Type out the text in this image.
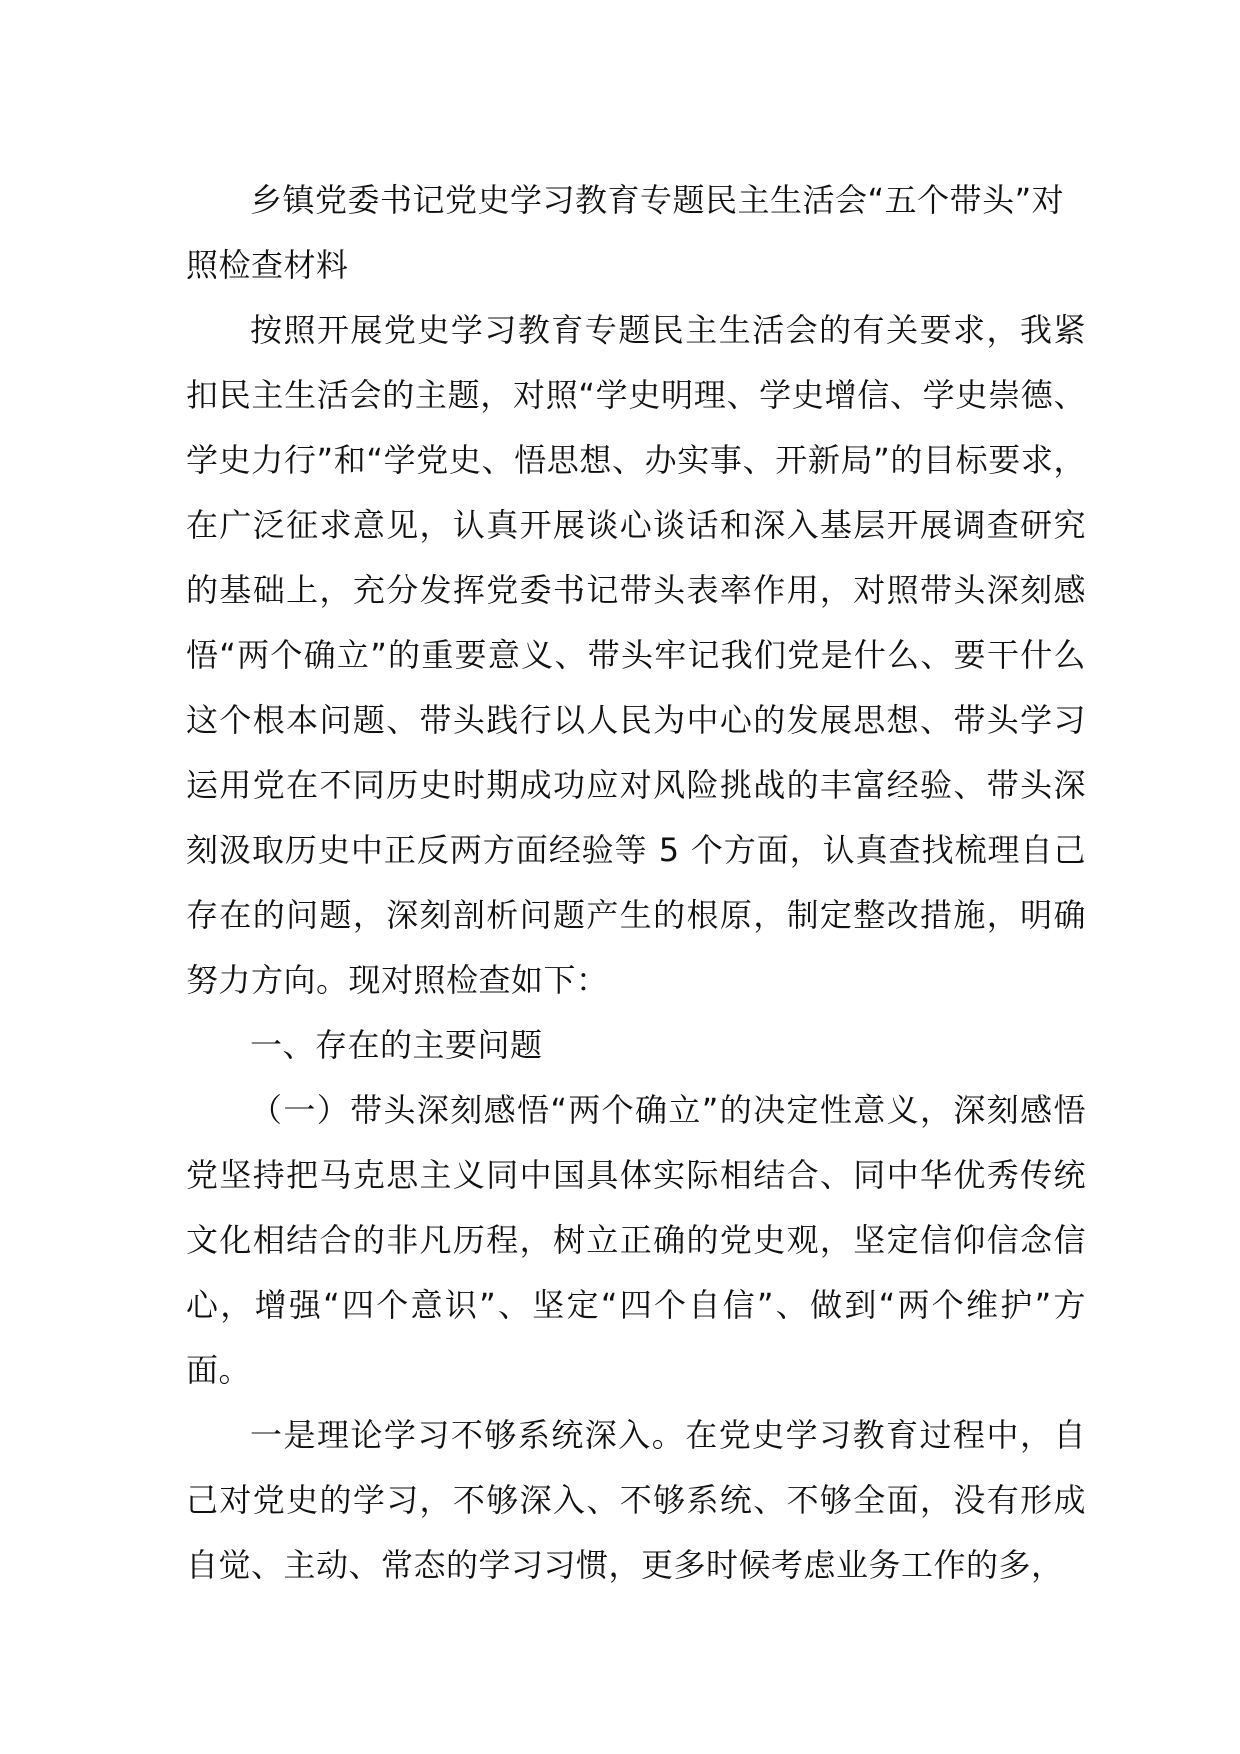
乡镇党委书记党史学习教育专题民主生活会“五个带头”对照检查材料

按照开展党史学习教育专题民主生活会的有关要求，我紧扣民主生活会的主题，对照“学史明理、学史增信、学史崇德、学史力行”和“学党史、悟思想、办实事、开新局”的目标要求，在广泛征求意见，认真开展谈心谈话和深入基层开展调查研究的基础上，充分发挥党委书记带头表率作用，对照带头深刻感悟“两个确立”的重要意义、带头牢记我们党是什么、要干什么这个根本问题、带头践行以人民为中心的发展思想、带头学习运用党在不同历史时期成功应对风险挑战的丰富经验、带头深刻汲取历史中正反两方面经验等 5 个方面，认真查找梳理自己存在的问题，深刻剖析问题产生的根原，制定整改措施，明确努力方向。现对照检查如下：

一、存在的主要问题

（一）带头深刻感悟“两个确立”的决定性意义，深刻感悟党坚持把马克思主义同中国具体实际相结合、同中华优秀传统文化相结合的非凡历程，树立正确的党史观，坚定信仰信念信心，增强“四个意识”、坚定“四个自信”、做到“两个维护”方面。

一是理论学习不够系统深入。在党史学习教育过程中，自己对党史的学习，不够深入、不够系统、不够全面，没有形成自觉、主动、常态的学习习惯，更多时候考虑业务工作的多，
